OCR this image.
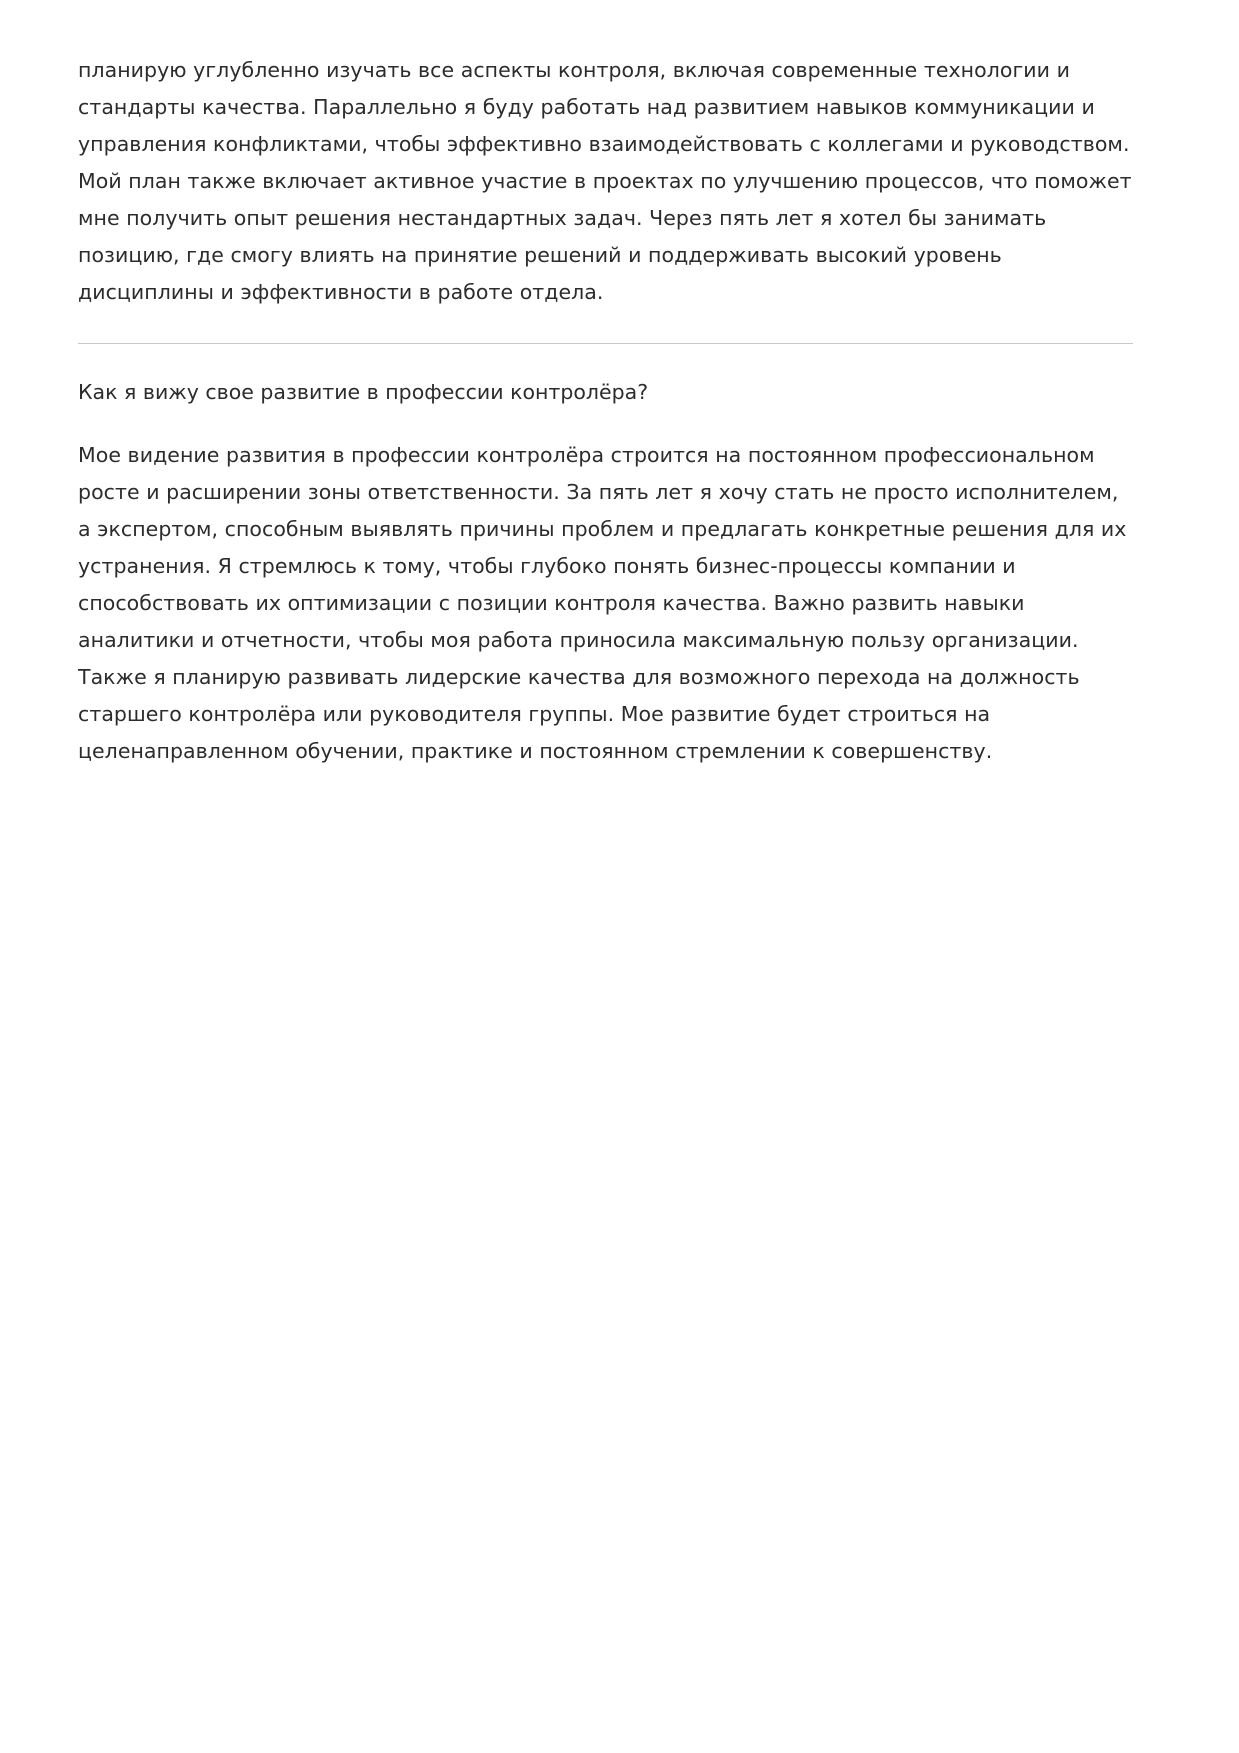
планирую углубленно изучать все аспекты контроля, включая современные технологии и стандарты качества. Параллельно я буду работать над развитием навыков коммуникации и управления конфликтами, чтобы эффективно взаимодействовать с коллегами и руководством. Мой план также включает активное участие в проектах по улучшению процессов, что поможет мне получить опыт решения нестандартных задач. Через пять лет я хотел бы занимать позицию, где смогу влиять на принятие решений и поддерживать высокий уровень дисциплины и эффективности в работе отдела.

Как я вижу свое развитие в профессии контролёра?

Мое видение развития в профессии контролёра строится на постоянном профессиональном росте и расширении зоны ответственности. За пять лет я хочу стать не просто исполнителем, а экспертом, способным выявлять причины проблем и предлагать конкретные решения для их устранения. Я стремлюсь к тому, чтобы глубоко понять бизнес-процессы компании и способствовать их оптимизации с позиции контроля качества. Важно развить навыки аналитики и отчетности, чтобы моя работа приносила максимальную пользу организации. Также я планирую развивать лидерские качества для возможного перехода на должность старшего контролёра или руководителя группы. Мое развитие будет строиться на целенаправленном обучении, практике и постоянном стремлении к совершенству.
